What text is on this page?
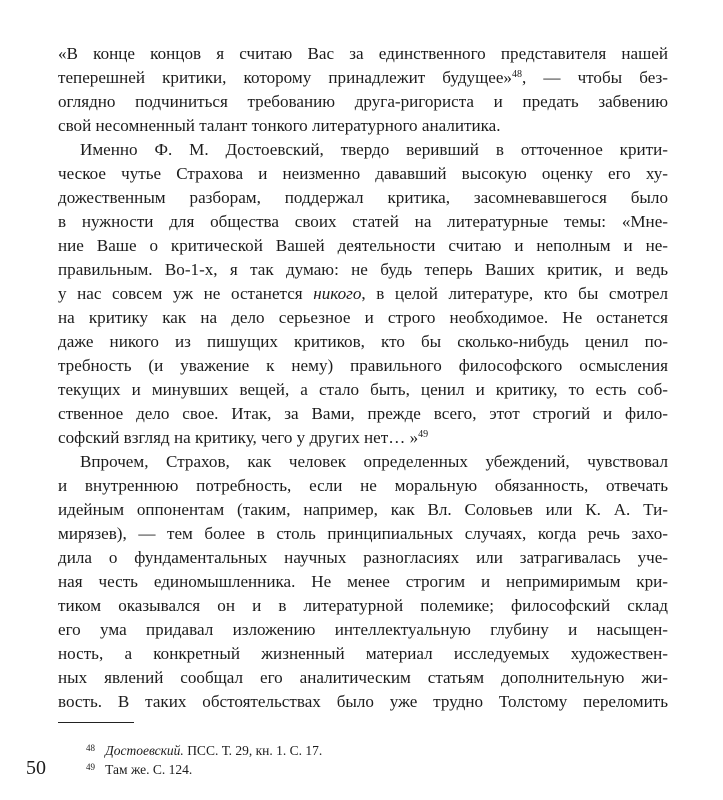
«В конце концов я считаю Вас за единственного представителя нашей
теперешней критики, которому принадлежит будущее»$^{48}$, — чтобы без-
оглядно подчиниться требованию друга-ригориста и предать забвению
свой несомненный талант тонкого литературного аналитика.
Именно Ф. М. Достоевский, твердо веривший в отточенное крити-
ческое чутье Страхова и неизменно дававший высокую оценку его ху-
дожественным разборам, поддержал критика, засомневавшегося было
в нужности для общества своих статей на литературные темы: «Мне-
ние Ваше о критической Вашей деятельности считаю и неполным и не-
правильным. Во-1-х, я так думаю: не будь теперь Ваших критик, и ведь
у нас совсем уж не останется никого, в целой литературе, кто бы смотрел
на критику как на дело серьезное и строго необходимое. Не останется
даже никого из пишущих критиков, кто бы сколько-нибудь ценил по-
требность (и уважение к нему) правильного философского осмысления
текущих и минувших вещей, а стало быть, ценил и критику, то есть соб-
ственное дело свое. Итак, за Вами, прежде всего, этот строгий и фило-
софский взгляд на критику, чего у других нет… »$^{49}$
Впрочем, Страхов, как человек определенных убеждений, чувствовал
и внутреннюю потребность, если не моральную обязанность, отвечать
идейным оппонентам (таким, например, как Вл. Соловьев или К. А. Ти-
мирязев), — тем более в столь принципиальных случаях, когда речь захо-
дила о фундаментальных научных разногласиях или затрагивалась уче-
ная честь единомышленника. Не менее строгим и непримиримым кри-
тиком оказывался он и в литературной полемике; философский склад
его ума придавал изложению интеллектуальную глубину и насыщен-
ность, а конкретный жизненный материал исследуемых художествен-
ных явлений сообщал его аналитическим статьям дополнительную жи-
вость. В таких обстоятельствах было уже трудно Толстому переломить
$^{48}$ Достоевский. ПСС. Т. 29, кн. 1. С. 17.
$^{49}$ Там же. С. 124.
50
